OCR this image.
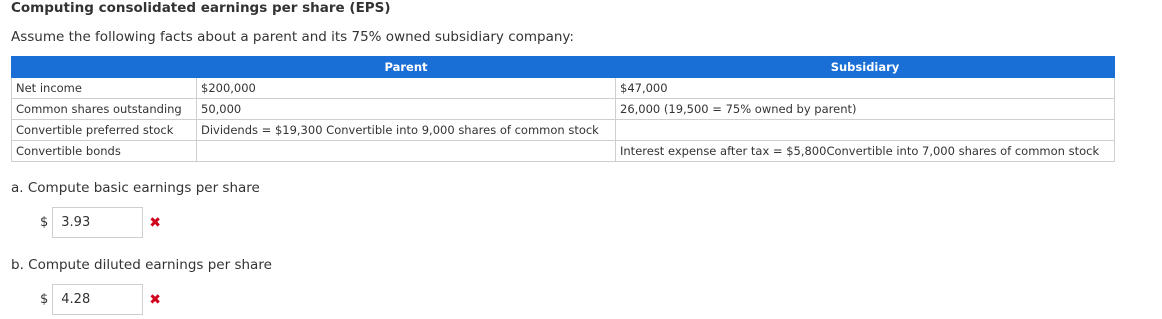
Computing consolidated earnings per share (EPS)

Assume the following facts about a parent and its 75% owned subsidiary company:

	Parent	Subsidiary
Net income	$200,000	$47,000
Common shares outstanding	50,000	26,000 (19,500 = 75% owned by parent)
Convertible preferred stock	Dividends = $19,300 Convertible into 9,000 shares of common stock	
Convertible bonds		Interest expense after tax = $5,800Convertible into 7,000 shares of common stock

a. Compute basic earnings per share

$	3.93	✖

b. Compute diluted earnings per share

$	4.28	✖
